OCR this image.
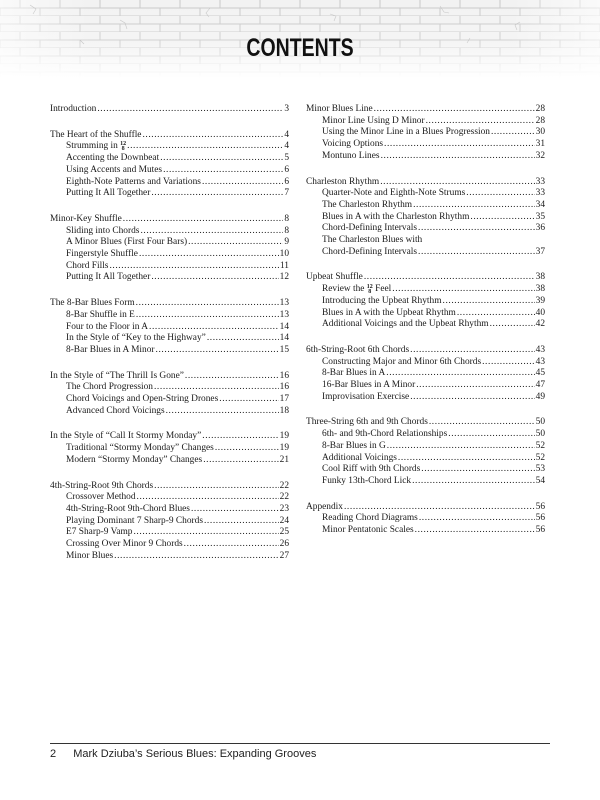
CONTENTS
Introduction .....	3
The Heart of the Shuffle .....	4
Strumming in 12
8 .....	4
Accenting the Downbeat .....	5
Using Accents and Mutes .....	6
Eighth-Note Patterns and Variations .....	6
Putting It All Together .....	7
Minor-Key Shuffle .....	8
Sliding into Chords .....	8
A Minor Blues (First Four Bars) .....	9
Fingerstyle Shuffle .....	10
Chord Fills .....	11
Putting It All Together .....	12
The 8-Bar Blues Form .....	13
8-Bar Shuffle in E .....	13
Four to the Floor in A .....	14
In the Style of “Key to the Highway” .....	14
8-Bar Blues in A Minor .....	15
In the Style of “The Thrill Is Gone” .....	16
The Chord Progression .....	16
Chord Voicings and Open-String Drones .....	17
Advanced Chord Voicings .....	18
In the Style of “Call It Stormy Monday” .....	19
Traditional “Stormy Monday” Changes .....	19
Modern “Stormy Monday” Changes .....	21
4th-String-Root 9th Chords .....	22
Crossover Method .....	22
4th-String-Root 9th-Chord Blues .....	23
Playing Dominant 7 Sharp-9 Chords .....	24
E7 Sharp-9 Vamp .....	25
Crossing Over Minor 9 Chords .....	26
Minor Blues .....	27
Minor Blues Line .....	28
Minor Line Using D Minor .....	28
Using the Minor Line in a Blues Progression .....	30
Voicing Options .....	31
Montuno Lines .....	32
Charleston Rhythm .....	33
Quarter-Note and Eighth-Note Strums .....	33
The Charleston Rhythm .....	34
Blues in A with the Charleston Rhythm .....	35
Chord-Defining Intervals .....	36
The Charleston Blues with
Chord-Defining Intervals .....	37
Upbeat Shuffle .....	38
Review the 12
8 Feel .....	38
Introducing the Upbeat Rhythm .....	39
Blues in A with the Upbeat Rhythm .....	40
Additional Voicings and the Upbeat Rhythm .....	42
6th-String-Root 6th Chords .....	43
Constructing Major and Minor 6th Chords .....	43
8-Bar Blues in A .....	45
16-Bar Blues in A Minor .....	47
Improvisation Exercise .....	49
Three-String 6th and 9th Chords .....	50
6th- and 9th-Chord Relationships .....	50
8-Bar Blues in G .....	52
Additional Voicings .....	52
Cool Riff with 9th Chords .....	53
Funky 13th-Chord Lick .....	54
Appendix .....	56
Reading Chord Diagrams .....	56
Minor Pentatonic Scales .....	56
2 Mark Dziuba’s Serious Blues: Expanding Grooves
